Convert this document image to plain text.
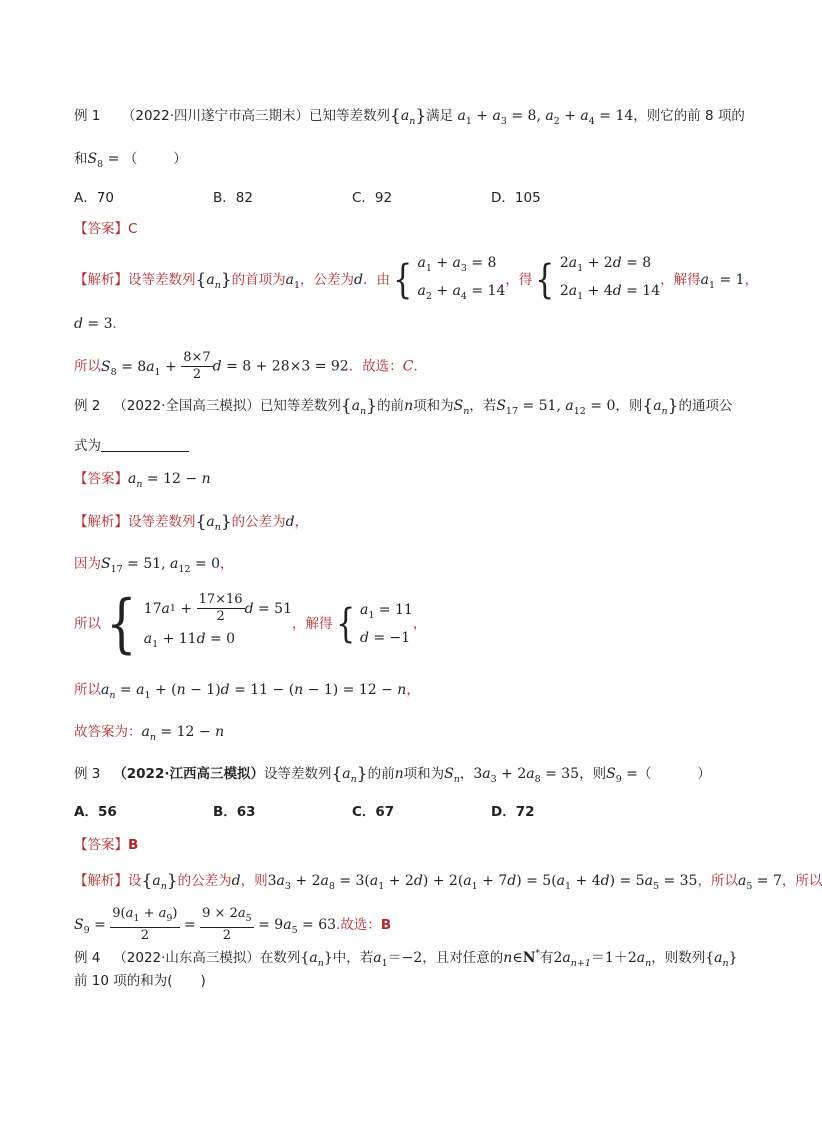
例 1 （2022·四川遂宁市高三期末）已知等差数列$\{a_n\}$满足 $a_1 + a_3 = 8$, $a_2 + a_4 = 14$，则它的前 8 项的
和$S_8$ = （	）
A．70	B．82	C．92	D．105
【答案】C
【解析】设等差数列$\{a_n\}$的首项为$a_1$，公差为d．由 { $a_1 + a_3 = 8$
$a_2 + a_4 = 14$
，得 { $2a_1 + 2d = 8$
$2a_1 + 4d = 14$
，解得$a_1 = 1$，
d = 3．
所以$S_8 = 8a_1 + \frac{8\times 7}{2}$ d = 8 + 28×3 = 92．故选：C．
例 2 （2022·全国高三模拟）已知等差数列$\{a_n\}$的前n项和为$S_n$，若$S_{17} = 51$, $a_{12} = 0$，则$\{a_n\}$的通项公
式为
【答案】$a_n = 12 - n$
【解析】设等差数列$\{a_n\}$的公差为d，
因为$S_{17} = 51$, $a_{12} = 0$，
所以 { 17 a $1 + \frac{17\times 16}{2}$ d = 51
$a_1 + 11d = 0$
，解得 { $a_1 = 11$
d = −1
，
所以$a_n = a_1 + (n - 1)d = 11 - (n - 1) = 12 - n$，
故答案为：$a_n = 12 - n$
例 3 （2022·江西高三模拟）设等差数列$\{a_n\}$的前n项和为$S_n$，$3a_3 + 2a_8 = 35$，则$S_9$ =（	）
A．56	B．63	C．67	D．72
【答案】B
【解析】设$\{a_n\}$的公差为d，则$3a_3 + 2a_8 = 3(a_1 + 2d) + 2(a_1 + 7d) = 5(a_1 + 4d) = 5a_5 = 35$，所以$a_5 = 7$，所以
$S_9 = \frac{9(a_1 + a_9)}{2} = \frac{9 \times 2a_5}{2} = 9a_5 = 63$.故选：B
例 4 （2022·山东高三模拟）在数列$\{a_n\}$中，若$a_1=-2$，且对任意的n∈N*有$2a_{n+1}=1+2a_n$，则数列$\{a_n\}$
前 10 项的和为( )
